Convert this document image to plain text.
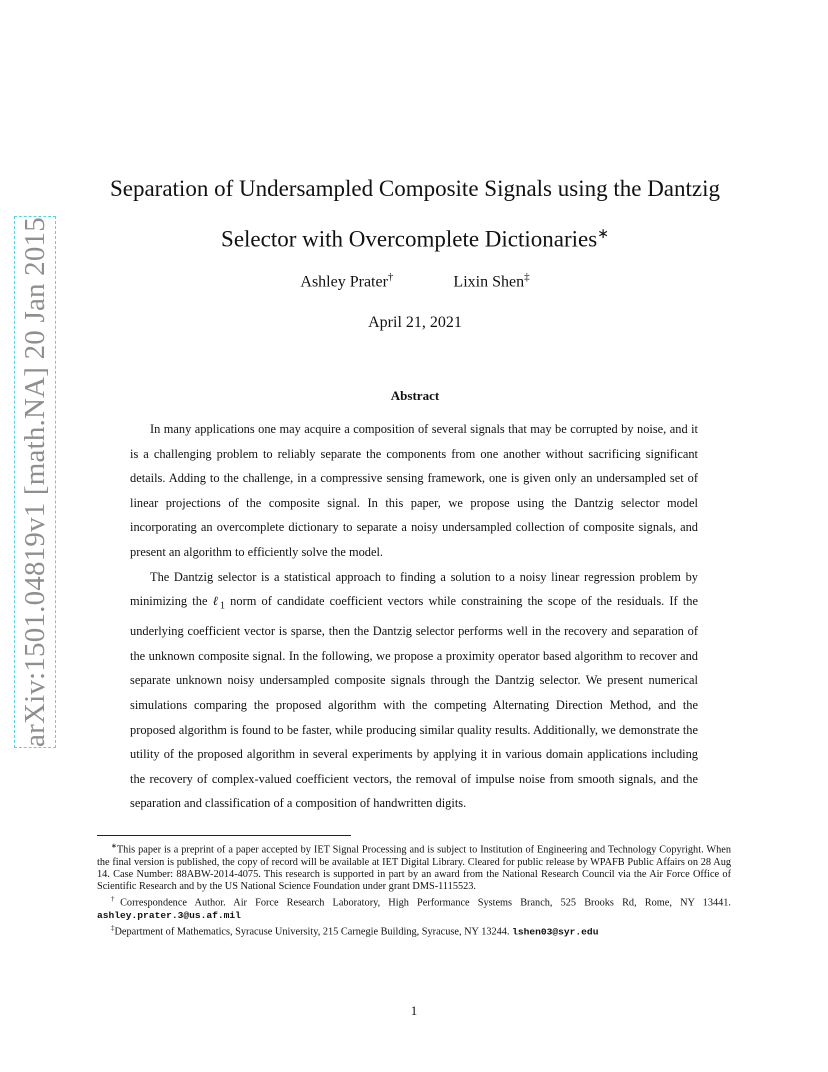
arXiv:1501.04819v1 [math.NA] 20 Jan 2015
Separation of Undersampled Composite Signals using the Dantzig
Selector with Overcomplete Dictionaries∗
Ashley Prater†	Lixin Shen‡
April 21, 2021
Abstract

In many applications one may acquire a composition of several signals that may be corrupted by noise, and it is a challenging problem to reliably separate the components from one another without sacrificing significant details. Adding to the challenge, in a compressive sensing framework, one is given only an undersampled set of linear projections of the composite signal. In this paper, we propose using the Dantzig selector model incorporating an overcomplete dictionary to separate a noisy undersampled collection of composite signals, and present an algorithm to efficiently solve the model.

The Dantzig selector is a statistical approach to finding a solution to a noisy linear regression problem by minimizing the ℓ$_1$ norm of candidate coefficient vectors while constraining the scope of the residuals. If the underlying coefficient vector is sparse, then the Dantzig selector performs well in the recovery and separation of the unknown composite signal. In the following, we propose a proximity operator based algorithm to recover and separate unknown noisy undersampled composite signals through the Dantzig selector. We present numerical simulations comparing the proposed algorithm with the competing Alternating Direction Method, and the proposed algorithm is found to be faster, while producing similar quality results. Additionally, we demonstrate the utility of the proposed algorithm in several experiments by applying it in various domain applications including the recovery of complex-valued coefficient vectors, the removal of impulse noise from smooth signals, and the separation and classification of a composition of handwritten digits.

∗This paper is a preprint of a paper accepted by IET Signal Processing and is subject to Institution of Engineering and Technology Copyright. When the final version is published, the copy of record will be available at IET Digital Library. Cleared for public release by WPAFB Public Affairs on 28 Aug 14. Case Number: 88ABW-2014-4075. This research is supported in part by an award from the National Research Council via the Air Force Office of Scientific Research and by the US National Science Foundation under grant DMS-1115523.

†Correspondence Author. Air Force Research Laboratory, High Performance Systems Branch, 525 Brooks Rd, Rome, NY 13441. ashley.prater.3@us.af.mil

‡Department of Mathematics, Syracuse University, 215 Carnegie Building, Syracuse, NY 13244. lshen03@syr.edu

1
